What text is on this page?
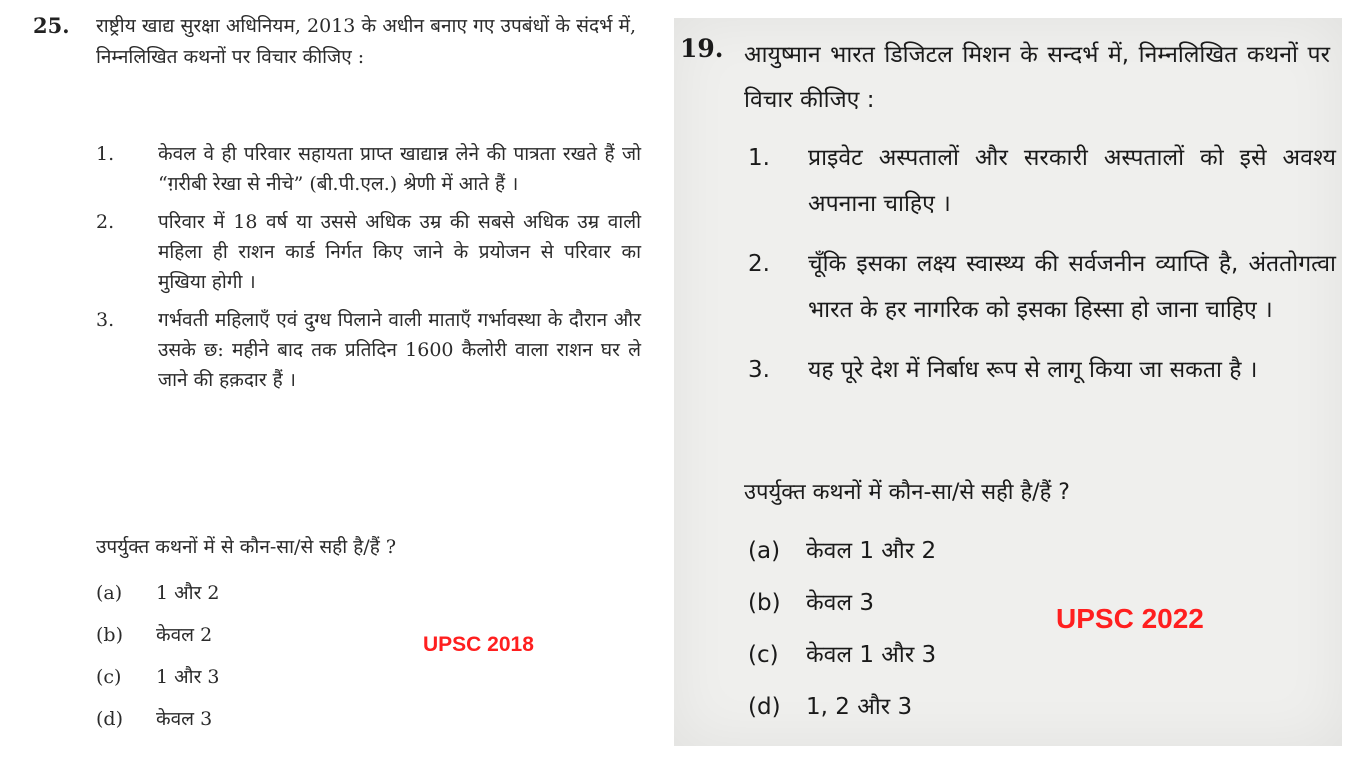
25. राष्ट्रीय खाद्य सुरक्षा अधिनियम, 2013 के अधीन बनाए गए उपबंधों के संदर्भ में, निम्नलिखित कथनों पर विचार कीजिए :
1. केवल वे ही परिवार सहायता प्राप्त खाद्यान्न लेने की पात्रता रखते हैं जो “ग़रीबी रेखा से नीचे” (बी.पी.एल.) श्रेणी में आते हैं ।
2. परिवार में 18 वर्ष या उससे अधिक उम्र की सबसे अधिक उम्र वाली महिला ही राशन कार्ड निर्गत किए जाने के प्रयोजन से परिवार का मुखिया होगी ।
3. गर्भवती महिलाएँ एवं दुग्ध पिलाने वाली माताएँ गर्भावस्था के दौरान और उसके छ: महीने बाद तक प्रतिदिन 1600 कैलोरी वाला राशन घर ले जाने की हक़दार हैं ।
उपर्युक्त कथनों में से कौन-सा/से सही है/हैं ?
(a) 1 और 2
(b) केवल 2
(c) 1 और 3
(d) केवल 3
UPSC 2018
19. आयुष्मान भारत डिजिटल मिशन के सन्दर्भ में, निम्नलिखित कथनों पर विचार कीजिए :
1. प्राइवेट अस्पतालों और सरकारी अस्पतालों को इसे अवश्य अपनाना चाहिए ।
2. चूँकि इसका लक्ष्य स्वास्थ्य की सर्वजनीन व्याप्ति है, अंततोगत्वा भारत के हर नागरिक को इसका हिस्सा हो जाना चाहिए ।
3. यह पूरे देश में निर्बाध रूप से लागू किया जा सकता है ।
उपर्युक्त कथनों में कौन-सा/से सही है/हैं ?
(a) केवल 1 और 2
(b) केवल 3
(c) केवल 1 और 3
(d) 1, 2 और 3
UPSC 2022
